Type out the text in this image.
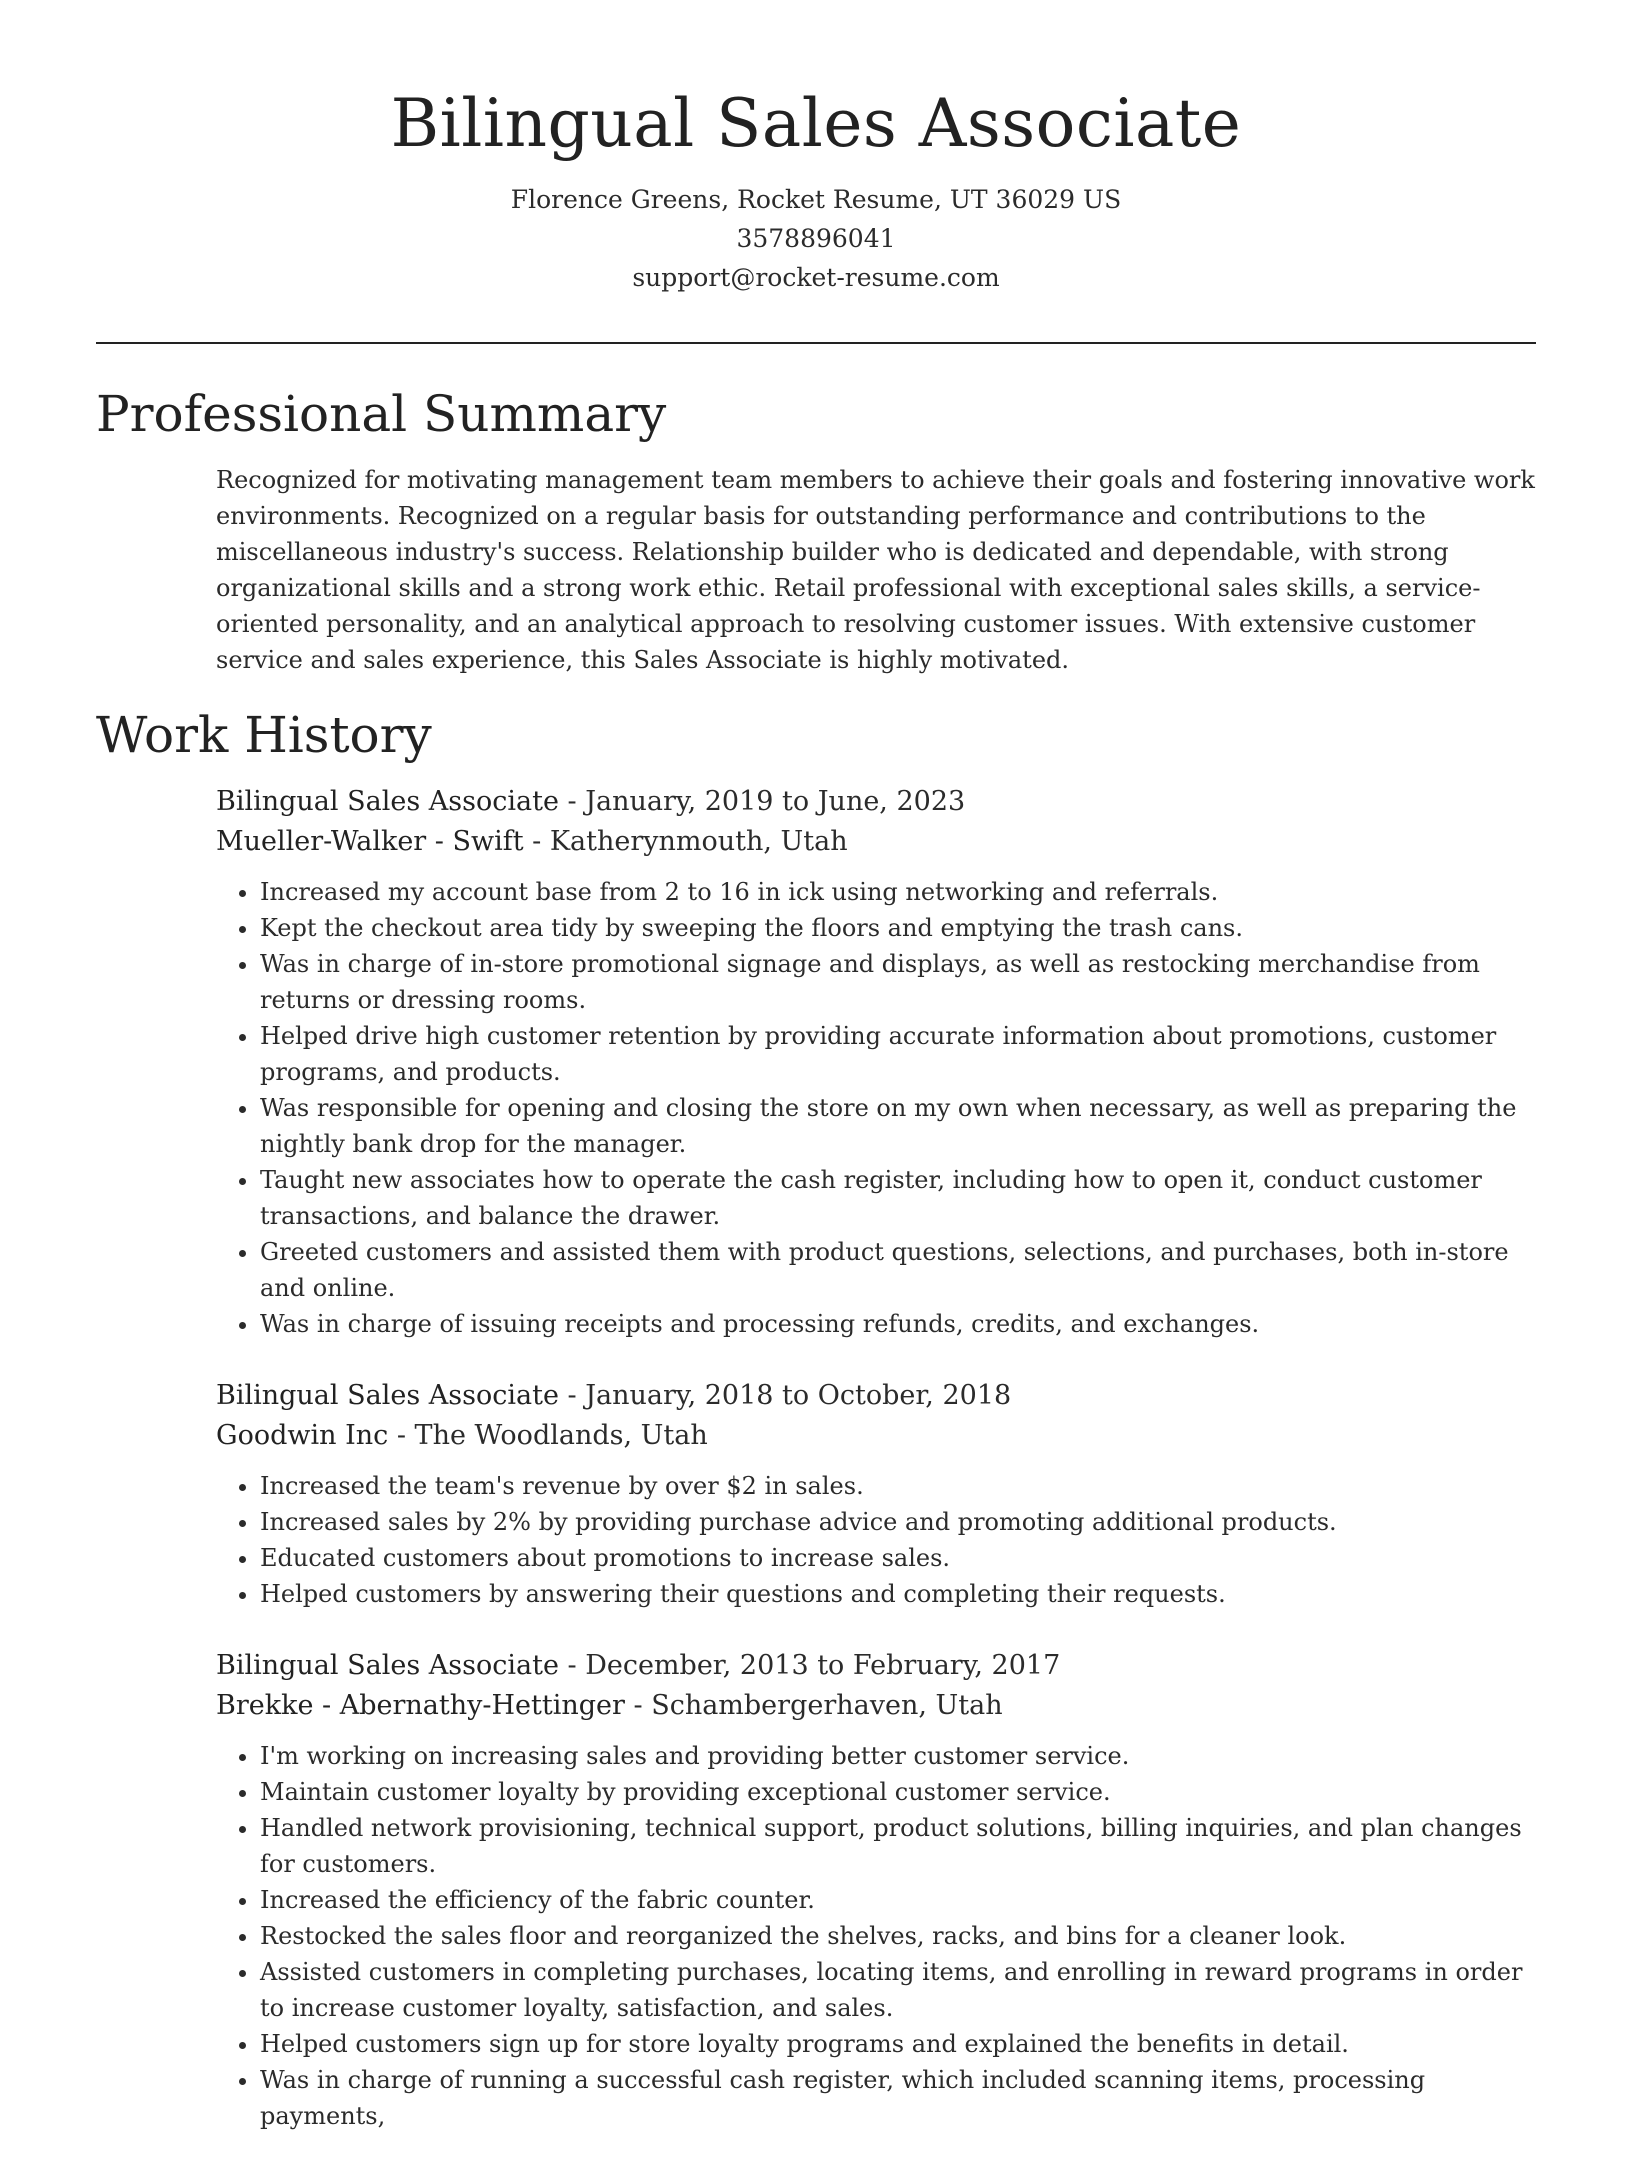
Bilingual Sales Associate
Florence Greens, Rocket Resume, UT 36029 US
3578896041
support@rocket-resume.com
Professional Summary

Recognized for motivating management team members to achieve their goals and fostering innovative work environments. Recognized on a regular basis for outstanding performance and contributions to the miscellaneous industry's success. Relationship builder who is dedicated and dependable, with strong organizational skills and a strong work ethic. Retail professional with exceptional sales skills, a service-oriented personality, and an analytical approach to resolving customer issues. With extensive customer service and sales experience, this Sales Associate is highly motivated.

Work History
Bilingual Sales Associate - January, 2019 to June, 2023
Mueller-Walker - Swift - Katherynmouth, Utah
• Increased my account base from 2 to 16 in ick using networking and referrals.
• Kept the checkout area tidy by sweeping the floors and emptying the trash cans.
• Was in charge of in-store promotional signage and displays, as well as restocking merchandise from returns or dressing rooms.
• Helped drive high customer retention by providing accurate information about promotions, customer programs, and products.
• Was responsible for opening and closing the store on my own when necessary, as well as preparing the nightly bank drop for the manager.
• Taught new associates how to operate the cash register, including how to open it, conduct customer transactions, and balance the drawer.
• Greeted customers and assisted them with product questions, selections, and purchases, both in-store and online.
• Was in charge of issuing receipts and processing refunds, credits, and exchanges.
Bilingual Sales Associate - January, 2018 to October, 2018
Goodwin Inc - The Woodlands, Utah
• Increased the team's revenue by over $2 in sales.
• Increased sales by 2% by providing purchase advice and promoting additional products.
• Educated customers about promotions to increase sales.
• Helped customers by answering their questions and completing their requests.
Bilingual Sales Associate - December, 2013 to February, 2017
Brekke - Abernathy-Hettinger - Schambergerhaven, Utah
• I'm working on increasing sales and providing better customer service.
• Maintain customer loyalty by providing exceptional customer service.
• Handled network provisioning, technical support, product solutions, billing inquiries, and plan changes for customers.
• Increased the efficiency of the fabric counter.
• Restocked the sales floor and reorganized the shelves, racks, and bins for a cleaner look.
• Assisted customers in completing purchases, locating items, and enrolling in reward programs in order to increase customer loyalty, satisfaction, and sales.
• Helped customers sign up for store loyalty programs and explained the benefits in detail.
• Was in charge of running a successful cash register, which included scanning items, processing payments,
